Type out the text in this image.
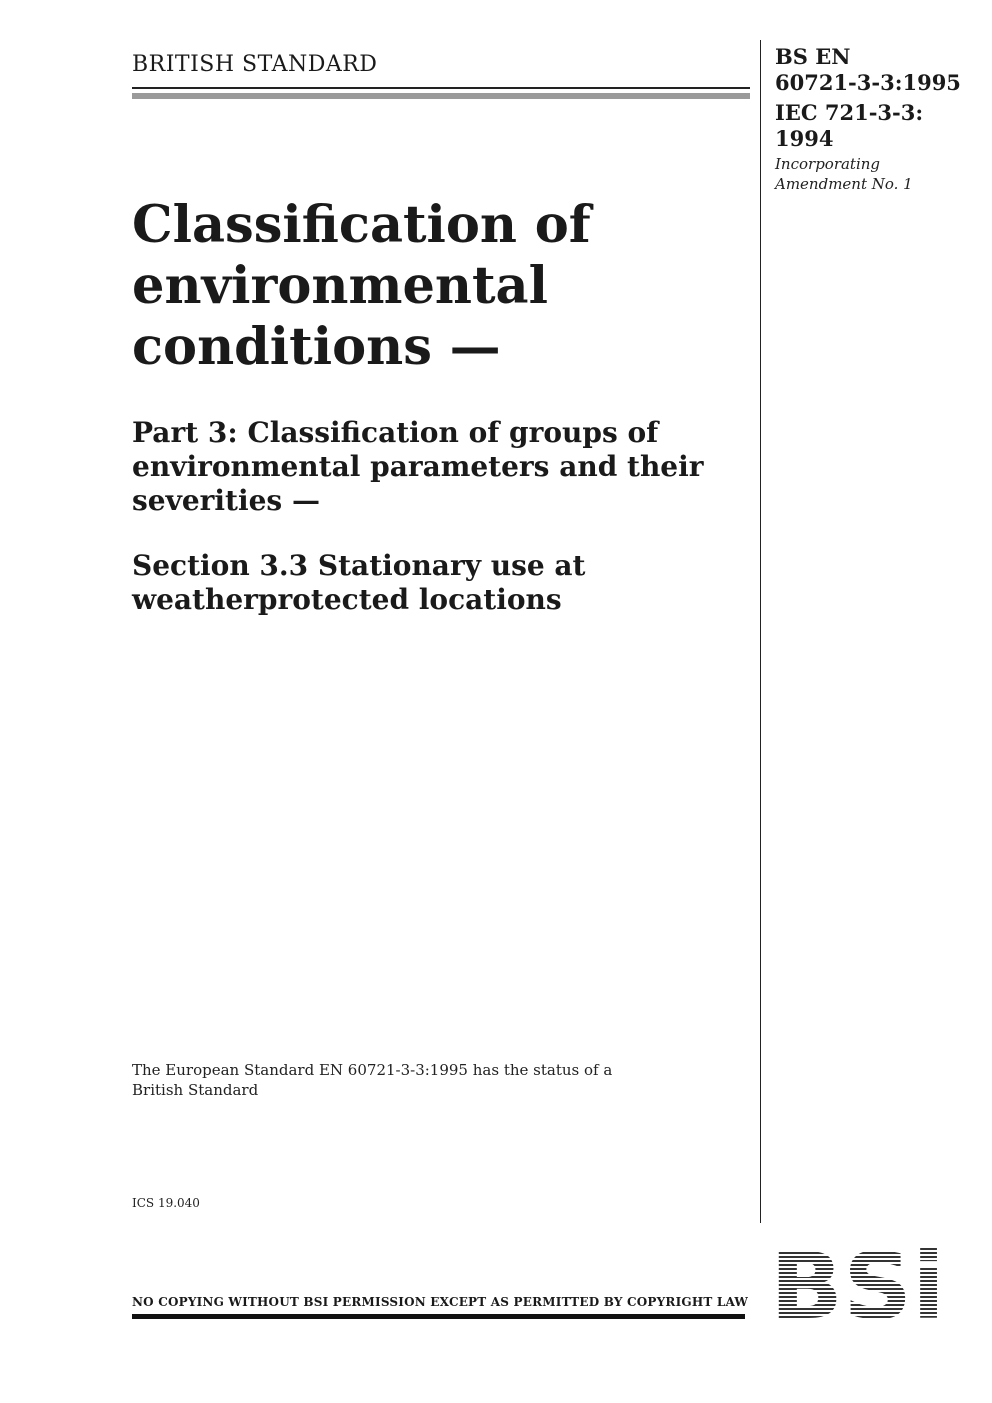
BRITISH STANDARD	BS EN
60721-3-3:1995
IEC 721-3-3:
1994
Incorporating
Amendment No. 1
Classification of environmental conditions —
Part 3: Classification of groups of environmental parameters and their severities —
Section 3.3 Stationary use at weatherprotected locations
The European Standard EN 60721-3-3:1995 has the status of a
British Standard
ICS 19.040
NO COPYING WITHOUT BSI PERMISSION EXCEPT AS PERMITTED BY COPYRIGHT LAW BSi
